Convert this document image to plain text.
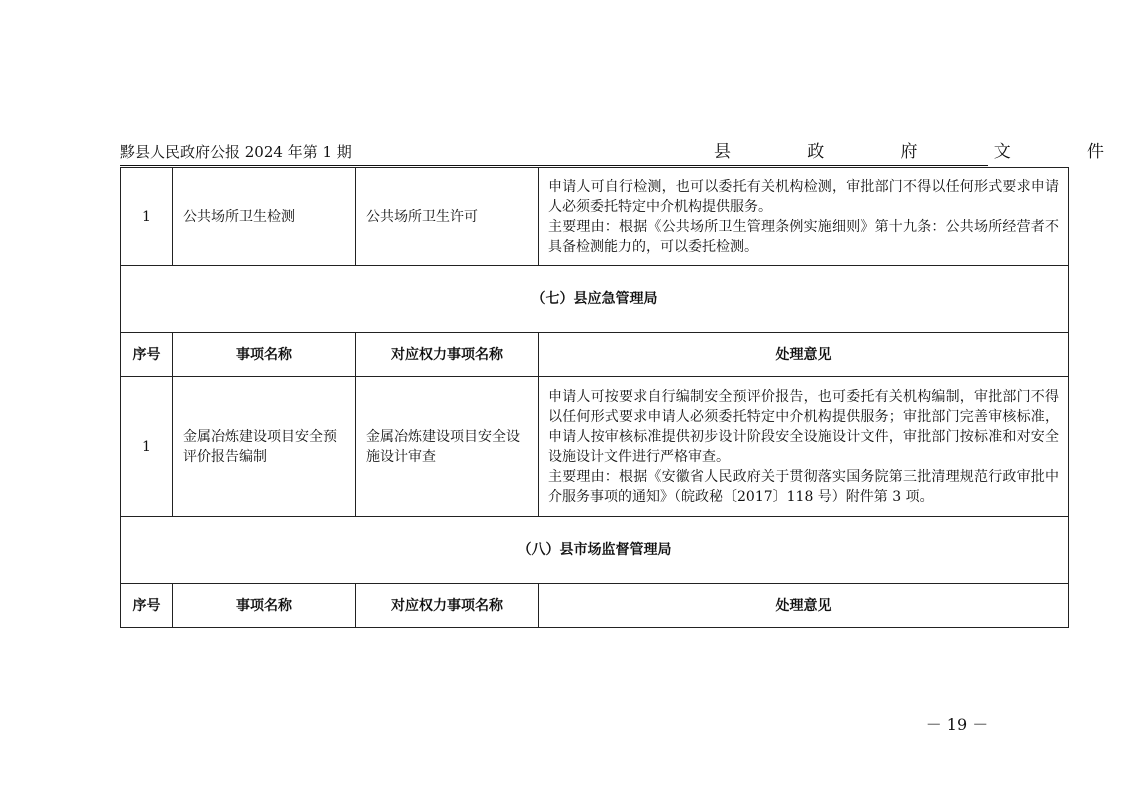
黟县人民政府公报 2024 年第 1 期	县	政	府	文	件
1	公共场所卫生检测	公共场所卫生许可	申请人可自行检测，也可以委托有关机构检测，审批部门不得以任何形式要求申请人必须委托特定中介机构提供服务。

主要理由：根据《公共场所卫生管理条例实施细则》第十九条：公共场所经营者不具备检测能力的，可以委托检测。

（七）县应急管理局			
序号	事项名称	对应权力事项名称	处理意见
1	金属冶炼建设项目安全预评价报告编制	金属冶炼建设项目安全设施设计审查	申请人可按要求自行编制安全预评价报告，也可委托有关机构编制，审批部门不得以任何形式要求申请人必须委托特定中介机构提供服务；审批部门完善审核标准，申请人按审核标准提供初步设计阶段安全设施设计文件，审批部门按标准和对安全设施设计文件进行严格审查。

主要理由：根据《安徽省人民政府关于贯彻落实国务院第三批清理规范行政审批中介服务事项的通知》（皖政秘〔2017〕118 号）附件第 3 项。

（八）县市场监督管理局			
序号	事项名称	对应权力事项名称	处理意见
－ 19 －
